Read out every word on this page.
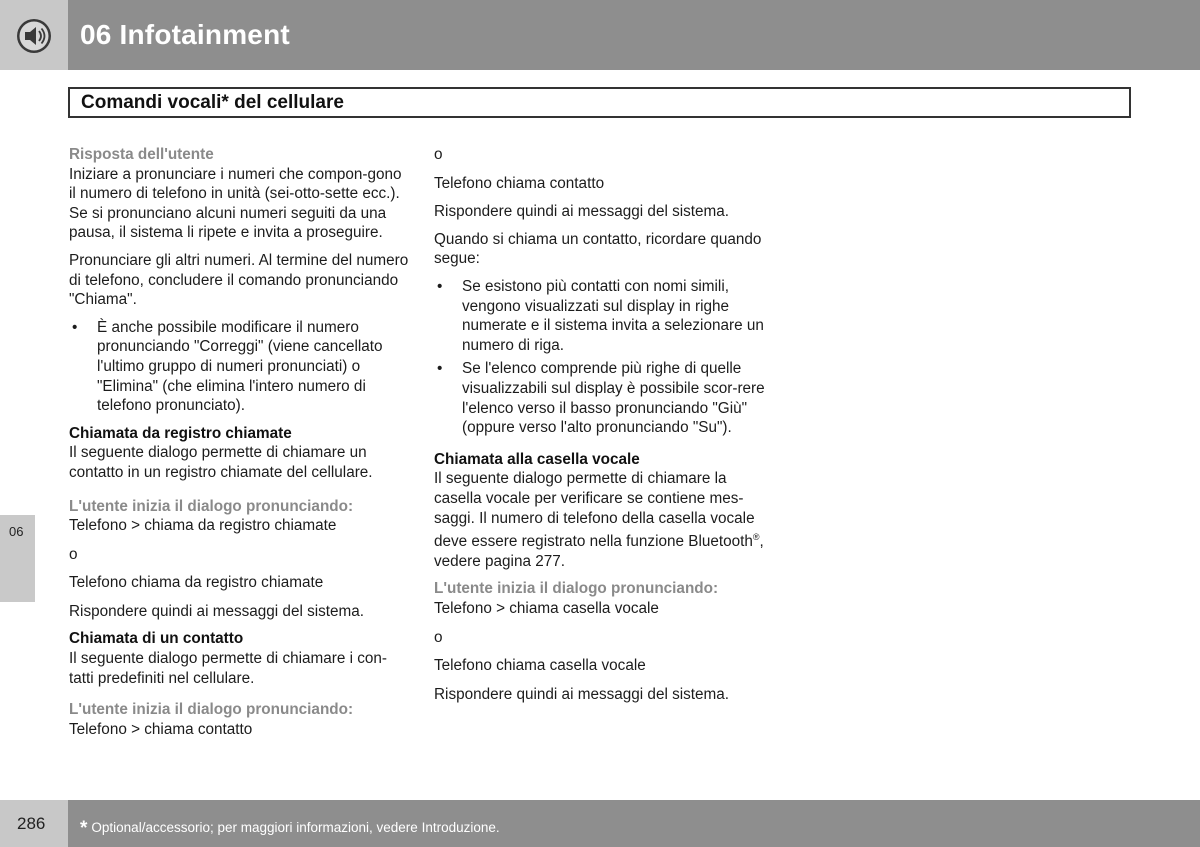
06 Infotainment
Comandi vocali* del cellulare
06

Risposta dell'utente

Iniziare a pronunciare i numeri che compon-gono il numero di telefono in unità (sei-otto-sette ecc.). Se si pronunciano alcuni numeri seguiti da una pausa, il sistema li ripete e invita a proseguire.

Pronunciare gli altri numeri. Al termine del numero di telefono, concludere il comando pronunciando "Chiama".

• È anche possibile modificare il numero pronunciando "Correggi" (viene cancellato l'ultimo gruppo di numeri pronunciati) o "Elimina" (che elimina l'intero numero di telefono pronunciato).

Chiamata da registro chiamate

Il seguente dialogo permette di chiamare un contatto in un registro chiamate del cellulare.

L'utente inizia il dialogo pronunciando:

Telefono > chiama da registro chiamate

o

Telefono chiama da registro chiamate

Rispondere quindi ai messaggi del sistema.

Chiamata di un contatto

Il seguente dialogo permette di chiamare i con-tatti predefiniti nel cellulare.

L'utente inizia il dialogo pronunciando:

Telefono > chiama contatto

o

Telefono chiama contatto

Rispondere quindi ai messaggi del sistema.

Quando si chiama un contatto, ricordare quando segue:

• Se esistono più contatti con nomi simili, vengono visualizzati sul display in righe numerate e il sistema invita a selezionare un numero di riga.
• Se l'elenco comprende più righe di quelle visualizzabili sul display è possibile scor-rere l'elenco verso il basso pronunciando "Giù" (oppure verso l'alto pronunciando "Su").

Chiamata alla casella vocale

Il seguente dialogo permette di chiamare la casella vocale per verificare se contiene mes-saggi. Il numero di telefono della casella vocale deve essere registrato nella funzione Bluetooth®, vedere pagina 277.

L'utente inizia il dialogo pronunciando:

Telefono > chiama casella vocale

o

Telefono chiama casella vocale

Rispondere quindi ai messaggi del sistema.

286 * Optional/accessorio; per maggiori informazioni, vedere Introduzione.
